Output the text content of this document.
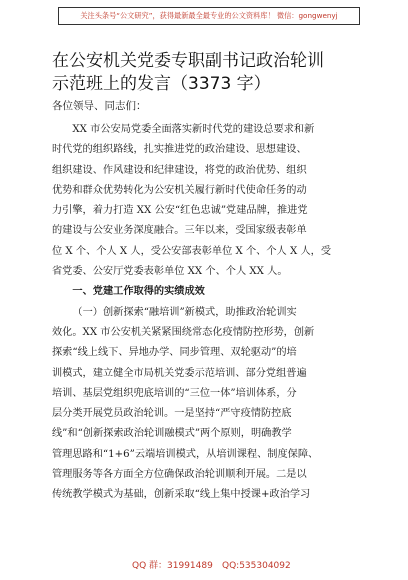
关注头条号“公文研究”，获得最新最全最专业的公文资料库！ 微信：gongwenyj
在公安机关党委专职副书记政治轮训
示范班上的发言（3373 字）
各位领导、同志们：

XX 市公安局党委全面落实新时代党的建设总要求和新
时代党的组织路线，扎实推进党的政治建设、思想建设、
组织建设、作风建设和纪律建设，将党的政治优势、组织
优势和群众优势转化为公安机关履行新时代使命任务的动
力引擎，着力打造 XX 公安“红色忠诚”党建品牌，推进党
的建设与公安业务深度融合。三年以来，受国家级表彰单
位 X 个、个人 X 人，受公安部表彰单位 X 个、个人 X 人，受
省党委、公安厅党委表彰单位 XX 个、个人 XX 人。

一、党建工作取得的实绩成效

（一）创新探索“融培训”新模式，助推政治轮训实
效化。XX 市公安机关紧紧围绕常态化疫情防控形势，创新
探索“线上线下、异地办学、同步管理、双轮驱动”的培
训模式，建立健全市局机关党委示范培训、部分党组普遍
培训、基层党组织兜底培训的“三位一体”培训体系，分
层分类开展党员政治轮训。一是坚持“严守疫情防控底
线”和“创新探索政治轮训融模式”两个原则，明确教学
管理思路和“1+6”云端培训模式，从培训课程、制度保障、
管理服务等各方面全方位确保政治轮训顺利开展。二是以
传统教学模式为基础，创新采取“线上集中授课+政治学习

QQ 群：31991489 QQ:535304092
